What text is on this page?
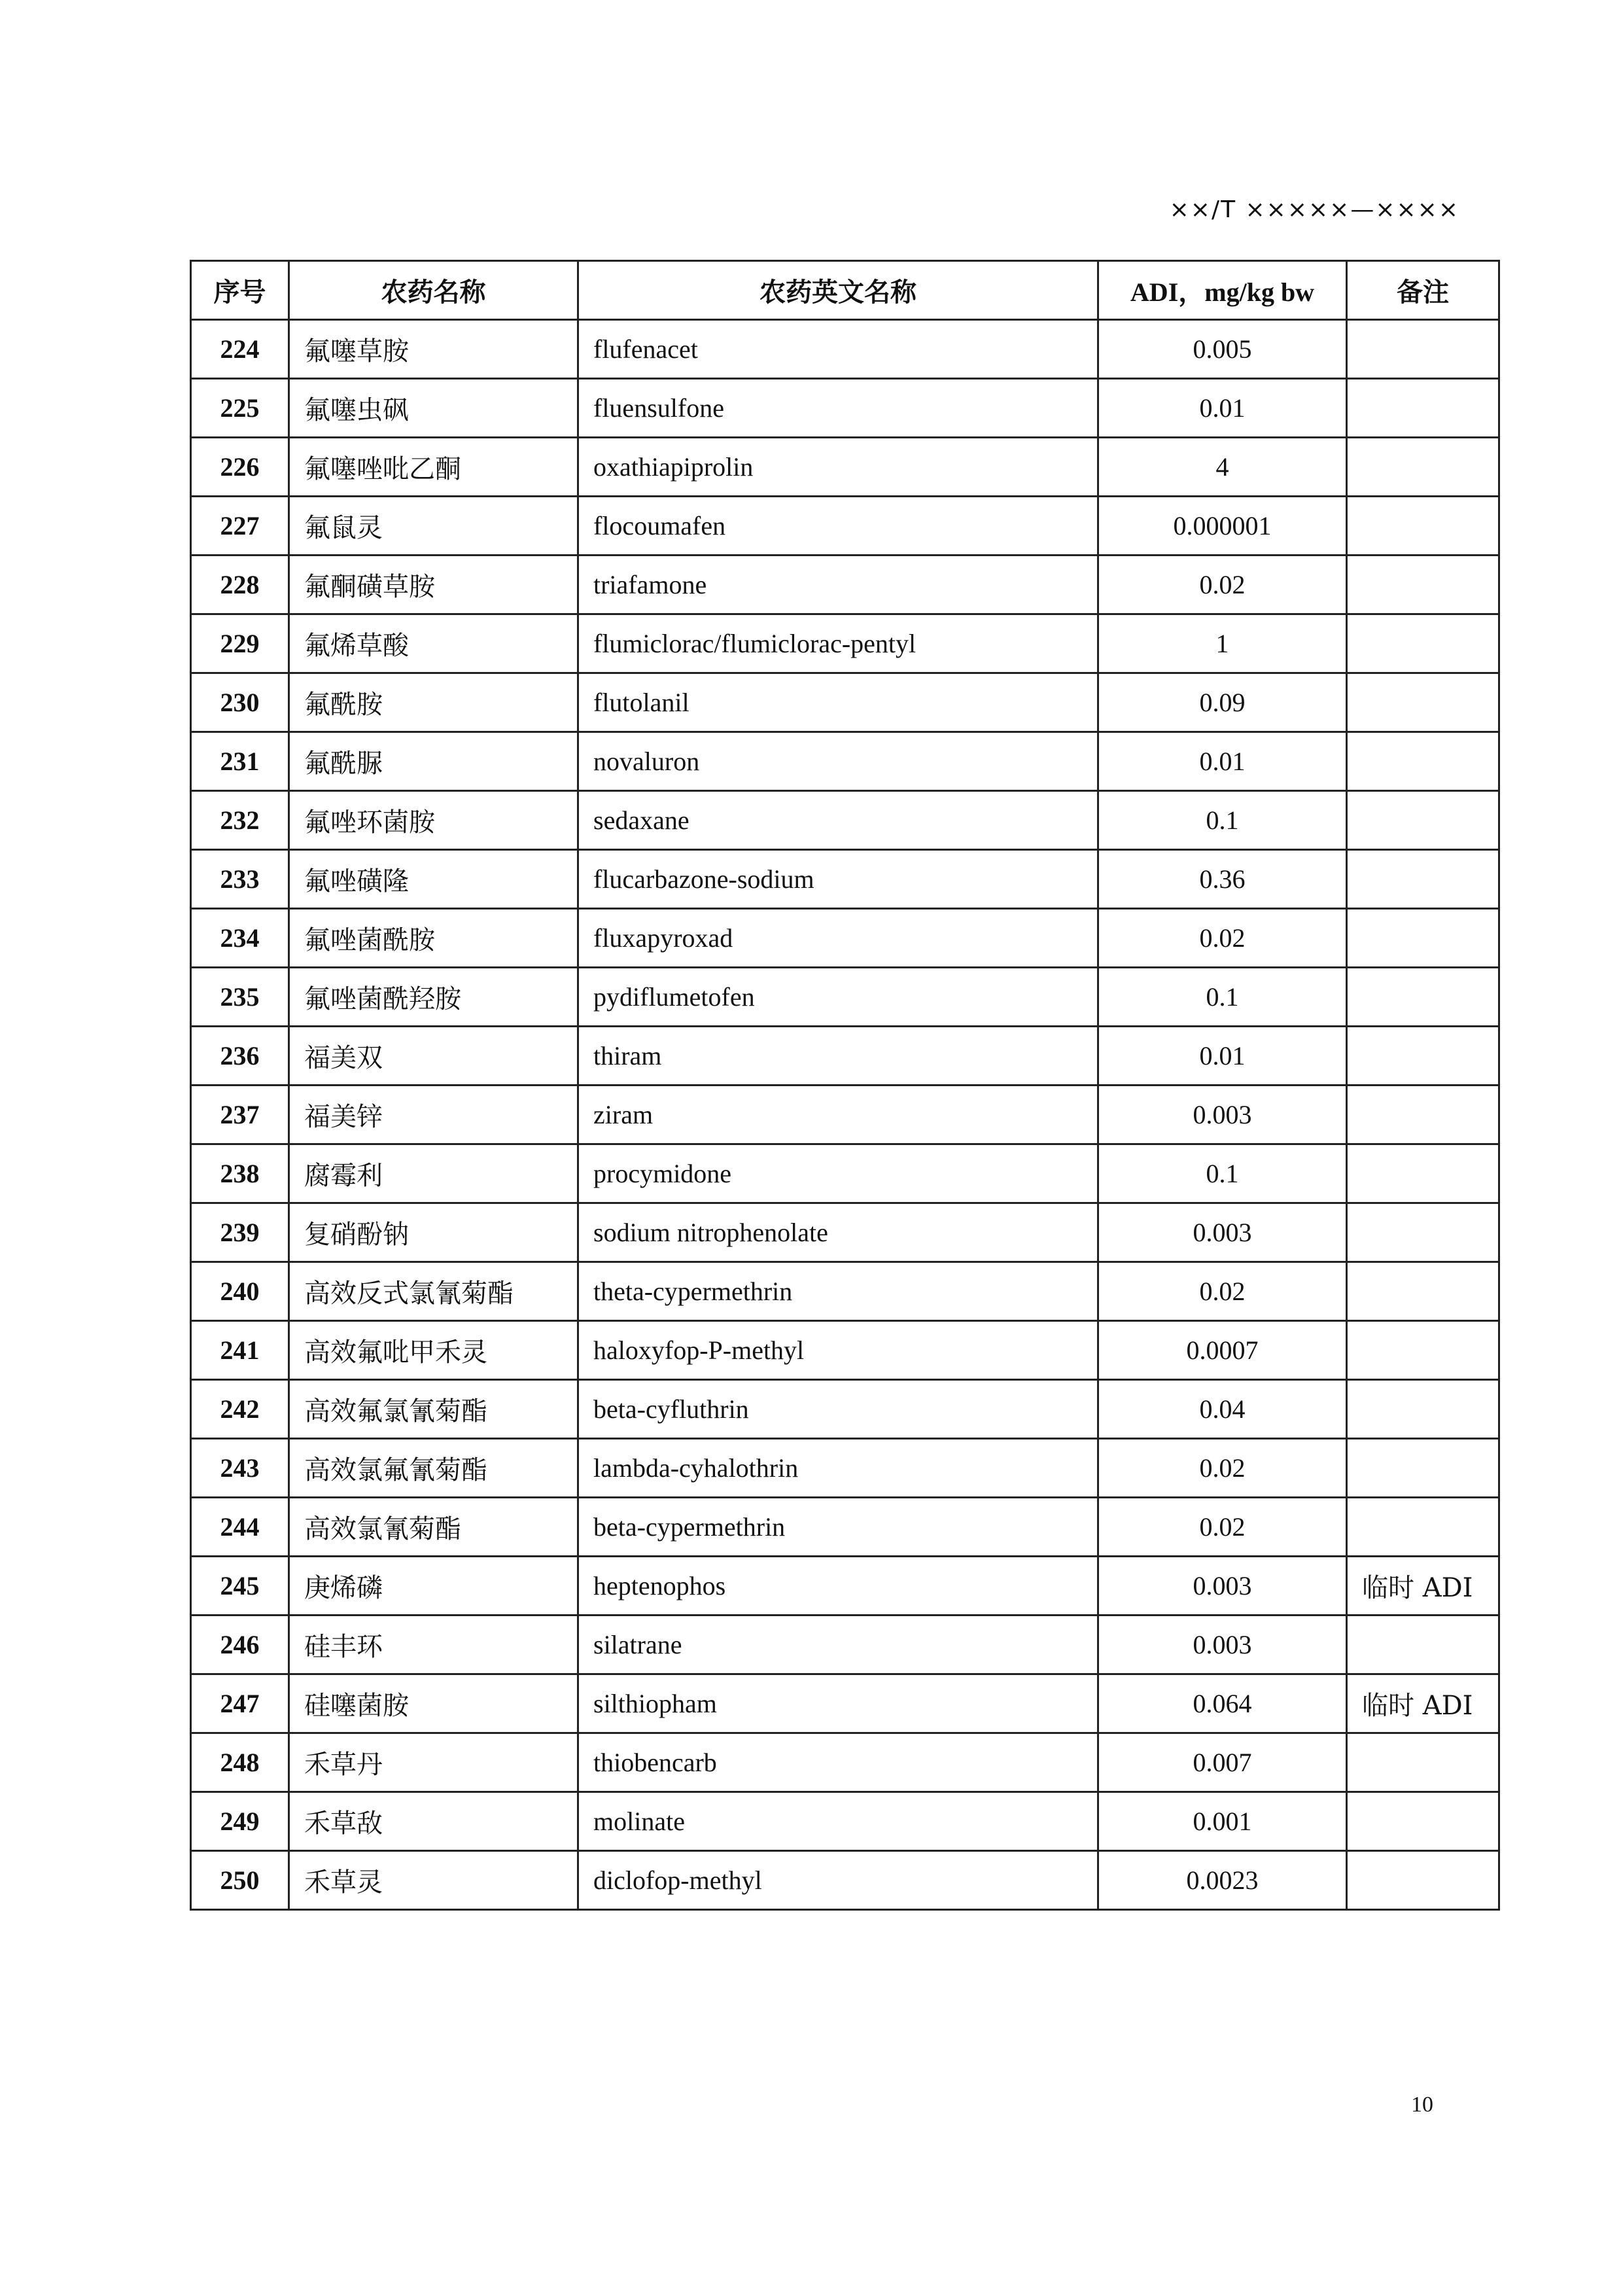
××/T ×××××—××××
序号	农药名称	农药英文名称	ADI，mg/kg bw	备注
224	氟噻草胺	flufenacet	0.005	
225	氟噻虫砜	fluensulfone	0.01	
226	氟噻唑吡乙酮	oxathiapiprolin	4	
227	氟鼠灵	flocoumafen	0.000001	
228	氟酮磺草胺	triafamone	0.02	
229	氟烯草酸	flumiclorac/flumiclorac-pentyl	1	
230	氟酰胺	flutolanil	0.09	
231	氟酰脲	novaluron	0.01	
232	氟唑环菌胺	sedaxane	0.1	
233	氟唑磺隆	flucarbazone-sodium	0.36	
234	氟唑菌酰胺	fluxapyroxad	0.02	
235	氟唑菌酰羟胺	pydiflumetofen	0.1	
236	福美双	thiram	0.01	
237	福美锌	ziram	0.003	
238	腐霉利	procymidone	0.1	
239	复硝酚钠	sodium nitrophenolate	0.003	
240	高效反式氯氰菊酯	theta-cypermethrin	0.02	
241	高效氟吡甲禾灵	haloxyfop-P-methyl	0.0007	
242	高效氟氯氰菊酯	beta-cyfluthrin	0.04	
243	高效氯氟氰菊酯	lambda-cyhalothrin	0.02	
244	高效氯氰菊酯	beta-cypermethrin	0.02	
245	庚烯磷	heptenophos	0.003	临时 ADI
246	硅丰环	silatrane	0.003	
247	硅噻菌胺	silthiopham	0.064	临时 ADI
248	禾草丹	thiobencarb	0.007	
249	禾草敌	molinate	0.001	
250	禾草灵	diclofop-methyl	0.0023	
10
